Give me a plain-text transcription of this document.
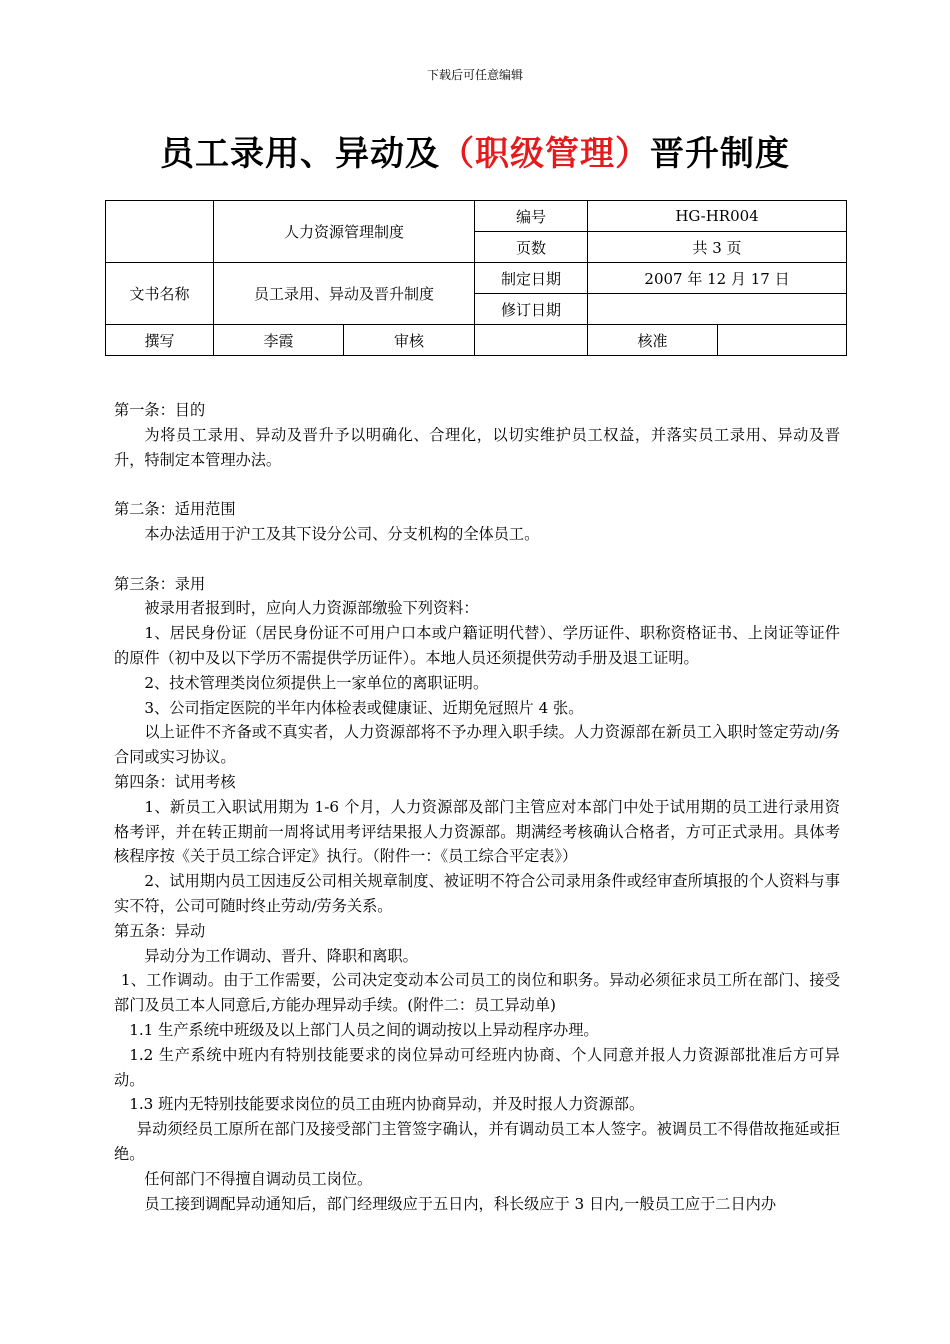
下载后可任意编辑
员工录用、异动及（职级管理）晋升制度
	人力资源管理制度		编号	HG-HR004	
			页数	共 3 页	
文书名称	员工录用、异动及晋升制度		制定日期	2007 年 12 月 17 日	
			修订日期		
撰写	李霞	审核		核准	

第一条：目的

为将员工录用、异动及晋升予以明确化、合理化，以切实维护员工权益，并落实员工录用、异动及晋升，特制定本管理办法。

第二条：适用范围

本办法适用于沪工及其下设分公司、分支机构的全体员工。

第三条：录用

被录用者报到时，应向人力资源部缴验下列资料：

1、居民身份证（居民身份证不可用户口本或户籍证明代替）、学历证件、职称资格证书、上岗证等证件的原件（初中及以下学历不需提供学历证件）。本地人员还须提供劳动手册及退工证明。

2、技术管理类岗位须提供上一家单位的离职证明。

3、公司指定医院的半年内体检表或健康证、近期免冠照片 4 张。

以上证件不齐备或不真实者，人力资源部将不予办理入职手续。人力资源部在新员工入职时签定劳动/务合同或实习协议。

第四条：试用考核

1、新员工入职试用期为 1-6 个月，人力资源部及部门主管应对本部门中处于试用期的员工进行录用资格考评，并在转正期前一周将试用考评结果报人力资源部。期满经考核确认合格者，方可正式录用。具体考核程序按《关于员工综合评定》执行。（附件一：《员工综合平定表》）

2、试用期内员工因违反公司相关规章制度、被证明不符合公司录用条件或经审查所填报的个人资料与事实不符，公司可随时终止劳动/劳务关系。

第五条：异动

异动分为工作调动、晋升、降职和离职。

1、工作调动。由于工作需要，公司决定变动本公司员工的岗位和职务。异动必须征求员工所在部门、接受部门及员工本人同意后,方能办理异动手续。(附件二：员工异动单)

1.1 生产系统中班级及以上部门人员之间的调动按以上异动程序办理。

1.2 生产系统中班内有特别技能要求的岗位异动可经班内协商、个人同意并报人力资源部批准后方可异动。

1.3 班内无特别技能要求岗位的员工由班内协商异动，并及时报人力资源部。

异动须经员工原所在部门及接受部门主管签字确认，并有调动员工本人签字。被调员工不得借故拖延或拒绝。

任何部门不得擅自调动员工岗位。

员工接到调配异动通知后，部门经理级应于五日内，科长级应于 3 日内,一般员工应于二日内办
